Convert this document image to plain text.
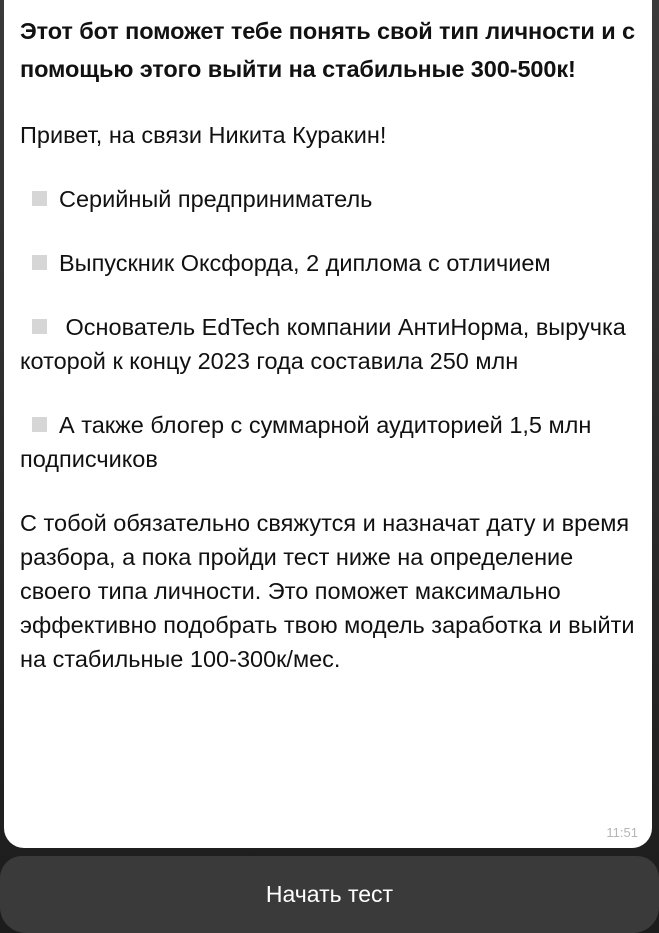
Этот бот поможет тебе понять свой тип личности и с помощью этого выйти на стабильные 300-500к!

Привет, на связи Никита Куракин!

Серийный предприниматель

Выпускник Оксфорда, 2 диплома с отличием

Основатель EdTech компании АнтиНорма, выручка которой к концу 2023 года составила 250 млн

А также блогер с суммарной аудиторией 1,5 млн подписчиков

С тобой обязательно свяжутся и назначат дату и время разбора, а пока пройди тест ниже на определение своего типа личности. Это поможет максимально эффективно подобрать твою модель заработка и выйти на стабильные 100-300к/мес.

11:51
Начать тест
